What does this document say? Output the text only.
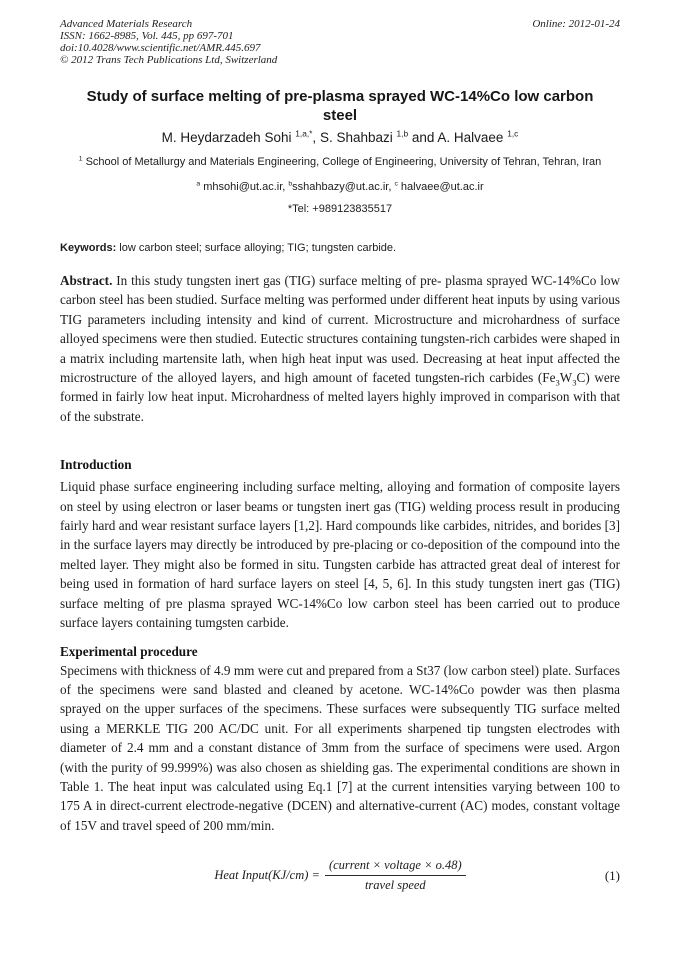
Advanced Materials Research
ISSN: 1662-8985, Vol. 445, pp 697-701
doi:10.4028/www.scientific.net/AMR.445.697
© 2012 Trans Tech Publications Ltd, Switzerland
Online: 2012-01-24
Study of surface melting of pre-plasma sprayed WC-14%Co low carbon steel
M. Heydarzadeh Sohi $^{1,a,*}$, S. Shahbazi $^{1,b}$ and A. Halvaee $^{1,c}$
$^1$ School of Metallurgy and Materials Engineering, College of Engineering, University of Tehran, Tehran, Iran
$^a$ mhsohi@ut.ac.ir, $^b$sshahbazy@ut.ac.ir, $^c$ halvaee@ut.ac.ir
*Tel: +989123835517
Keywords: low carbon steel; surface alloying; TIG; tungsten carbide.

Abstract. In this study tungsten inert gas (TIG) surface melting of pre- plasma sprayed WC-14%Co low carbon steel has been studied. Surface melting was performed under different heat inputs by using various TIG parameters including intensity and kind of current. Microstructure and microhardness of surface alloyed specimens were then studied. Eutectic structures containing tungsten-rich carbides were shaped in a matrix including martensite lath, when high heat input was used. Decreasing at heat input affected the microstructure of the alloyed layers, and high amount of faceted tungsten-rich carbides $(Fe_3W_3C)$ were formed in fairly low heat input. Microhardness of melted layers highly improved in comparison with that of the substrate.

Introduction

Liquid phase surface engineering including surface melting, alloying and formation of composite layers on steel by using electron or laser beams or tungsten inert gas (TIG) welding process result in producing fairly hard and wear resistant surface layers [1,2]. Hard compounds like carbides, nitrides, and borides [3] in the surface layers may directly be introduced by pre-placing or co-deposition of the compound into the melted layer. They might also be formed in situ. Tungsten carbide has attracted great deal of interest for being used in formation of hard surface layers on steel [4, 5, 6]. In this study tungsten inert gas (TIG) surface melting of pre plasma sprayed WC-14%Co low carbon steel has been carried out to produce surface layers containing tumgsten carbide.

Experimental procedure

Specimens with thickness of 4.9 mm were cut and prepared from a St37 (low carbon steel) plate. Surfaces of the specimens were sand blasted and cleaned by acetone. WC-14%Co powder was then plasma sprayed on the upper surfaces of the specimens. These surfaces were subsequently TIG surface melted using a MERKLE TIG 200 AC/DC unit. For all experiments sharpened tip tungsten electrodes with diameter of 2.4 mm and a constant distance of 3mm from the surface of specimens were used. Argon (with the purity of 99.999%) was also chosen as shielding gas. The experimental conditions are shown in Table 1. The heat input was calculated using Eq.1 [7] at the current intensities varying between 100 to 175 A in direct-current electrode-negative (DCEN) and alternative-current (AC) modes, constant voltage of 15V and travel speed of 200 mm/min.

Heat Input(KJ/cm) = $\frac{\text{(current × voltage × o.48)}}{\text{travel speed}}$	(1)
